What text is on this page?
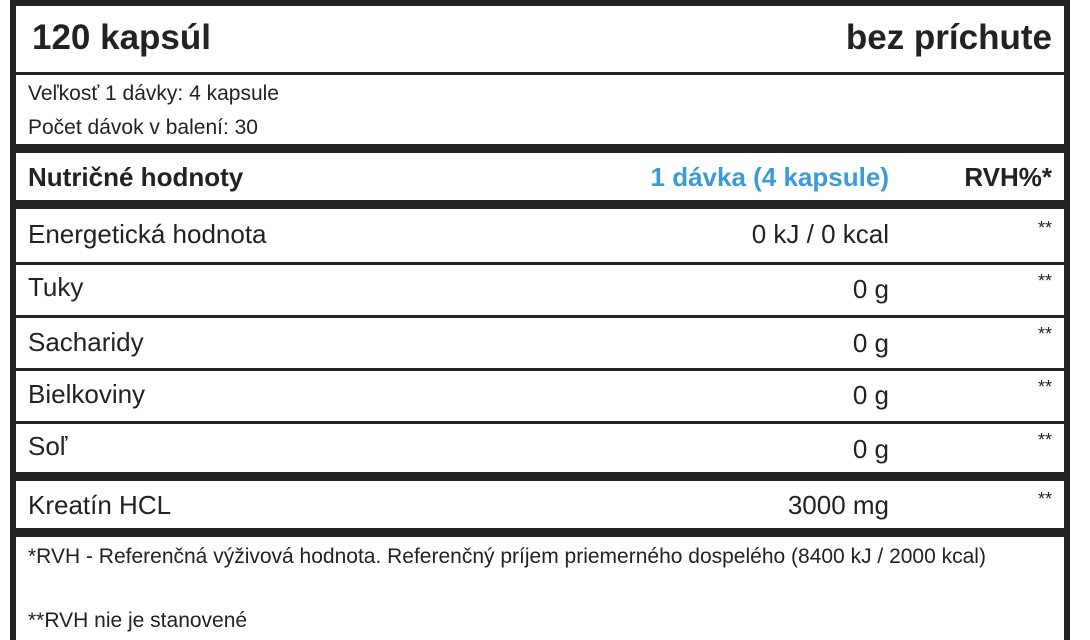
120 kapsúl	bez príchute
Veľkosť 1 dávky: 4 kapsule
Počet dávok v balení: 30
Nutričné hodnoty	1 dávka (4 kapsule)	RVH%*
Energetická hodnota	0 kJ / 0 kcal	**
Tuky	0 g	**
Sacharidy	0 g	**
Bielkoviny	0 g	**
Soľ	0 g	**
Kreatín HCL	3000 mg	**
*RVH - Referenčná výživová hodnota. Referenčný príjem priemerného dospelého (8400 kJ / 2000 kcal)
**RVH nie je stanovené
